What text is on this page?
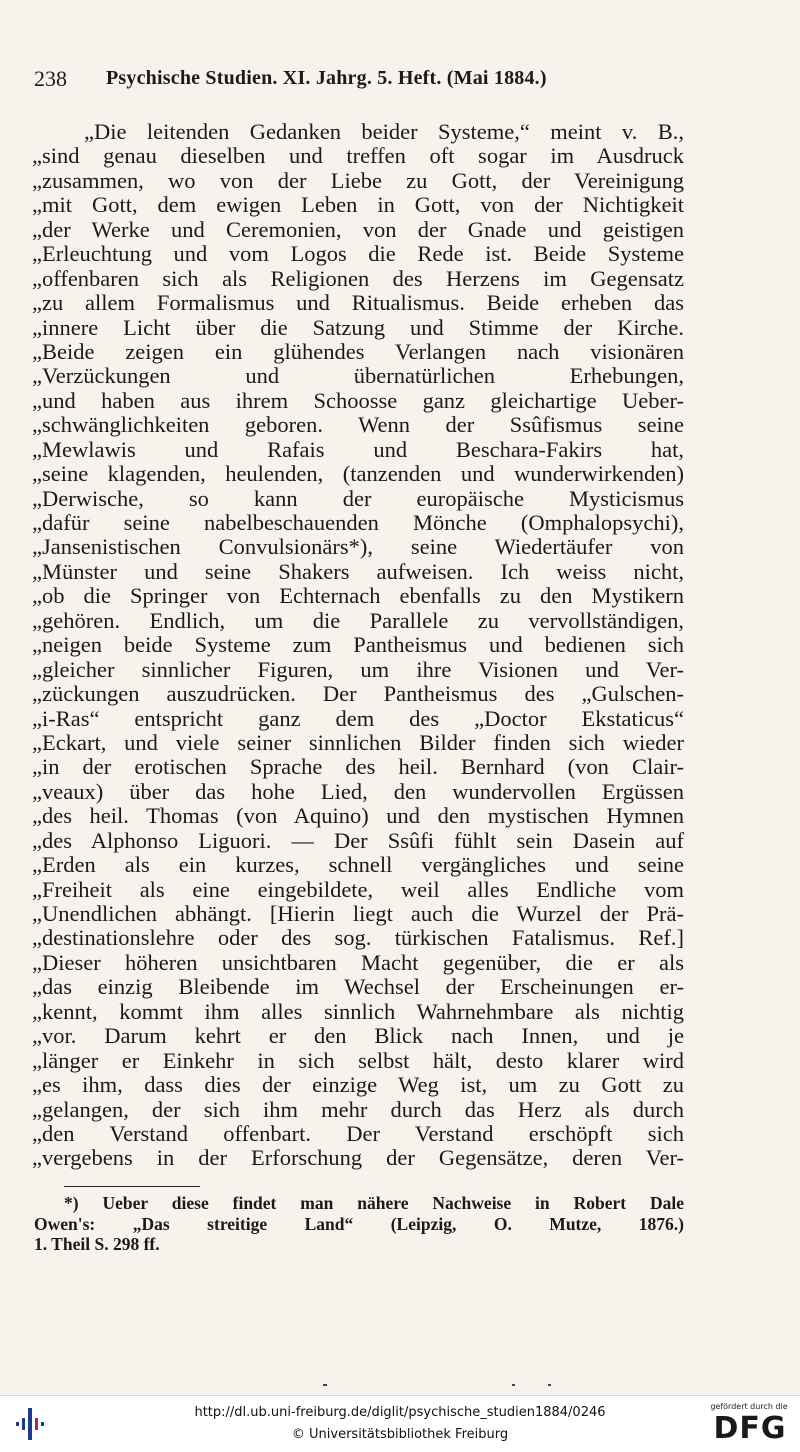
238 Psychische Studien. XI. Jahrg. 5. Heft. (Mai 1884.)
„Die leitenden Gedanken beider Systeme,“ meint v. B.,
„sind genau dieselben und treffen oft sogar im Ausdruck
„zusammen, wo von der Liebe zu Gott, der Vereinigung
„mit Gott, dem ewigen Leben in Gott, von der Nichtigkeit
„der Werke und Ceremonien, von der Gnade und geistigen
„Erleuchtung und vom Logos die Rede ist. Beide Systeme
„offenbaren sich als Religionen des Herzens im Gegensatz
„zu allem Formalismus und Ritualismus. Beide erheben das
„innere Licht über die Satzung und Stimme der Kirche.
„Beide zeigen ein glühendes Verlangen nach visionären
„Verzückungen und übernatürlichen Erhebungen,
„und haben aus ihrem Schoosse ganz gleichartige Ueber-
„schwänglichkeiten geboren. Wenn der Ssûfismus seine
„Mewlawis und Rafais und Beschara-Fakirs hat,
„seine klagenden, heulenden, (tanzenden und wunderwirkenden)
„Derwische, so kann der europäische Mysticismus
„dafür seine nabelbeschauenden Mönche (Omphalopsychi),
„Jansenistischen Convulsionärs*), seine Wiedertäufer von
„Münster und seine Shakers aufweisen. Ich weiss nicht,
„ob die Springer von Echternach ebenfalls zu den Mystikern
„gehören. Endlich, um die Parallele zu vervollständigen,
„neigen beide Systeme zum Pantheismus und bedienen sich
„gleicher sinnlicher Figuren, um ihre Visionen und Ver-
„zückungen auszudrücken. Der Pantheismus des „Gulschen-
„i-Ras“ entspricht ganz dem des „Doctor Ekstaticus“
„Eckart, und viele seiner sinnlichen Bilder finden sich wieder
„in der erotischen Sprache des heil. Bernhard (von Clair-
„veaux) über das hohe Lied, den wundervollen Ergüssen
„des heil. Thomas (von Aquino) und den mystischen Hymnen
„des Alphonso Liguori. — Der Ssûfi fühlt sein Dasein auf
„Erden als ein kurzes, schnell vergängliches und seine
„Freiheit als eine eingebildete, weil alles Endliche vom
„Unendlichen abhängt. [Hierin liegt auch die Wurzel der Prä-
„destinationslehre oder des sog. türkischen Fatalismus. Ref.]
„Dieser höheren unsichtbaren Macht gegenüber, die er als
„das einzig Bleibende im Wechsel der Erscheinungen er-
„kennt, kommt ihm alles sinnlich Wahrnehmbare als nichtig
„vor. Darum kehrt er den Blick nach Innen, und je
„länger er Einkehr in sich selbst hält, desto klarer wird
„es ihm, dass dies der einzige Weg ist, um zu Gott zu
„gelangen, der sich ihm mehr durch das Herz als durch
„den Verstand offenbart. Der Verstand erschöpft sich
„vergebens in der Erforschung der Gegensätze, deren Ver-
*) Ueber diese findet man nähere Nachweise in Robert Dale
Owen's: „Das streitige Land“ (Leipzig, O. Mutze, 1876.)
1. Theil S. 298 ff.
http://dl.ub.uni-freiburg.de/diglit/psychische_studien1884/0246
© Universitätsbibliothek Freiburg
gefördert durch die
DFG
